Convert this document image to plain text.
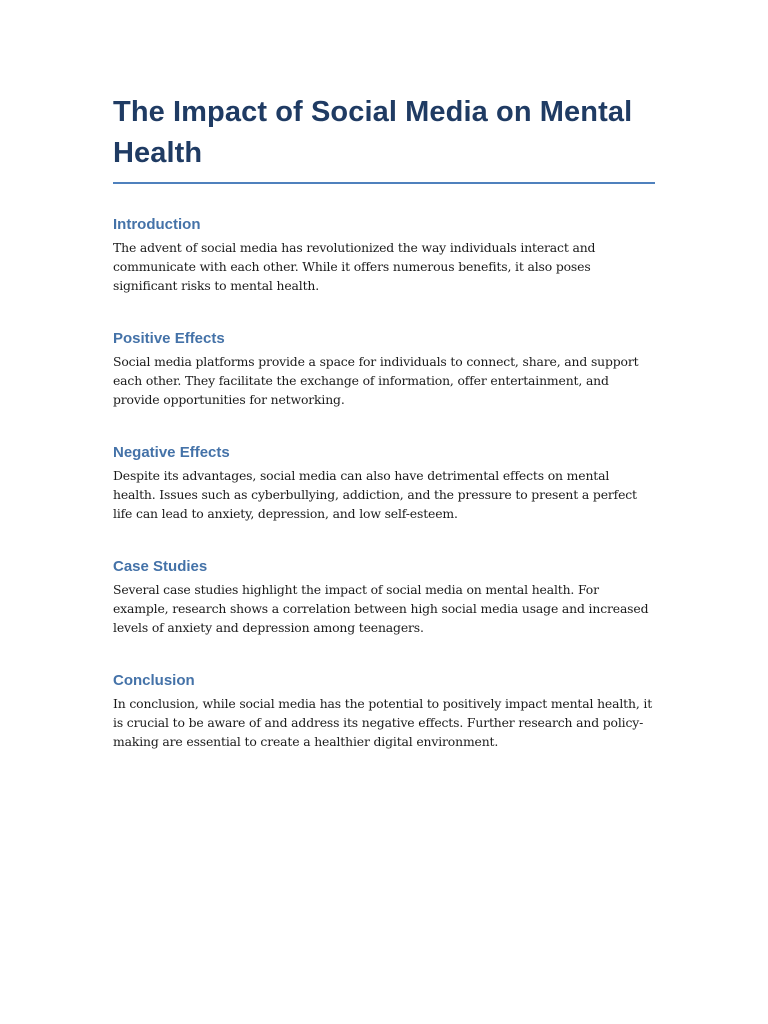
The Impact of Social Media on Mental Health
Introduction

The advent of social media has revolutionized the way individuals interact and communicate with each other. While it offers numerous benefits, it also poses significant risks to mental health.

Positive Effects

Social media platforms provide a space for individuals to connect, share, and support each other. They facilitate the exchange of information, offer entertainment, and provide opportunities for networking.

Negative Effects

Despite its advantages, social media can also have detrimental effects on mental health. Issues such as cyberbullying, addiction, and the pressure to present a perfect life can lead to anxiety, depression, and low self-esteem.

Case Studies

Several case studies highlight the impact of social media on mental health. For example, research shows a correlation between high social media usage and increased levels of anxiety and depression among teenagers.

Conclusion

In conclusion, while social media has the potential to positively impact mental health, it is crucial to be aware of and address its negative effects. Further research and policy-making are essential to create a healthier digital environment.
